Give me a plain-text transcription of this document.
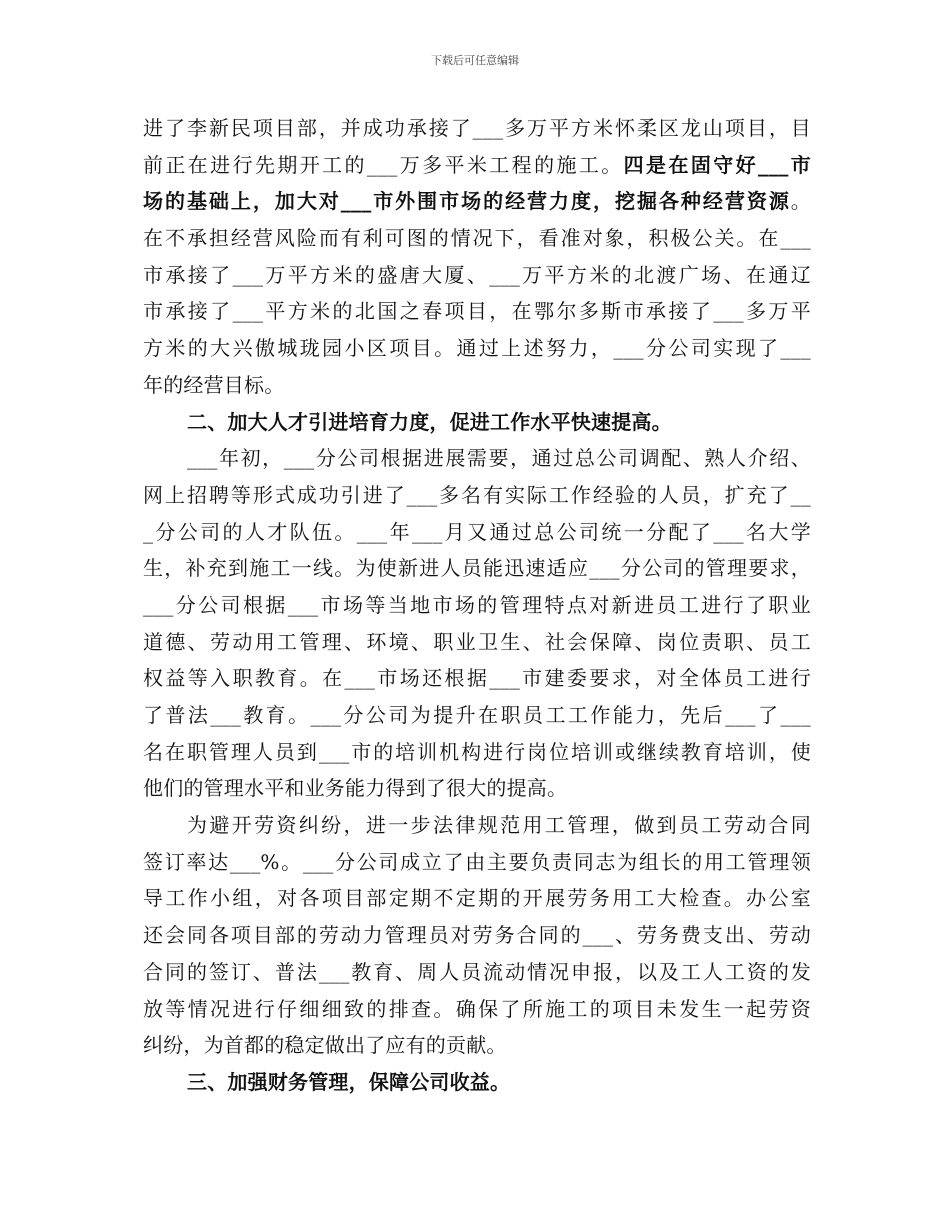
下载后可任意编辑
进了李新民项目部，并成功承接了___多万平方米怀柔区龙山项目，目
前正在进行先期开工的___万多平米工程的施工。四是在固守好___市
场的基础上，加大对___市外围市场的经营力度，挖掘各种经营资源。
在不承担经营风险而有利可图的情况下，看准对象，积极公关。在___
市承接了___万平方米的盛唐大厦、___万平方米的北渡广场、在通辽
市承接了___平方米的北国之春项目，在鄂尔多斯市承接了___多万平
方米的大兴傲城珑园小区项目。通过上述努力，___分公司实现了___
年的经营目标。
二、加大人才引进培育力度，促进工作水平快速提高。
___年初，___分公司根据进展需要，通过总公司调配、熟人介绍、
网上招聘等形式成功引进了___多名有实际工作经验的人员，扩充了__
_分公司的人才队伍。___年___月又通过总公司统一分配了___名大学
生，补充到施工一线。为使新进人员能迅速适应___分公司的管理要求，
___分公司根据___市场等当地市场的管理特点对新进员工进行了职业
道德、劳动用工管理、环境、职业卫生、社会保障、岗位责职、员工
权益等入职教育。在___市场还根据___市建委要求，对全体员工进行
了普法___教育。___分公司为提升在职员工工作能力，先后___了___
名在职管理人员到___市的培训机构进行岗位培训或继续教育培训，使
他们的管理水平和业务能力得到了很大的提高。
为避开劳资纠纷，进一步法律规范用工管理，做到员工劳动合同
签订率达___%。___分公司成立了由主要负责同志为组长的用工管理领
导工作小组，对各项目部定期不定期的开展劳务用工大检查。办公室
还会同各项目部的劳动力管理员对劳务合同的___、劳务费支出、劳动
合同的签订、普法___教育、周人员流动情况申报，以及工人工资的发
放等情况进行仔细细致的排查。确保了所施工的项目未发生一起劳资
纠纷，为首都的稳定做出了应有的贡献。
三、加强财务管理，保障公司收益。
